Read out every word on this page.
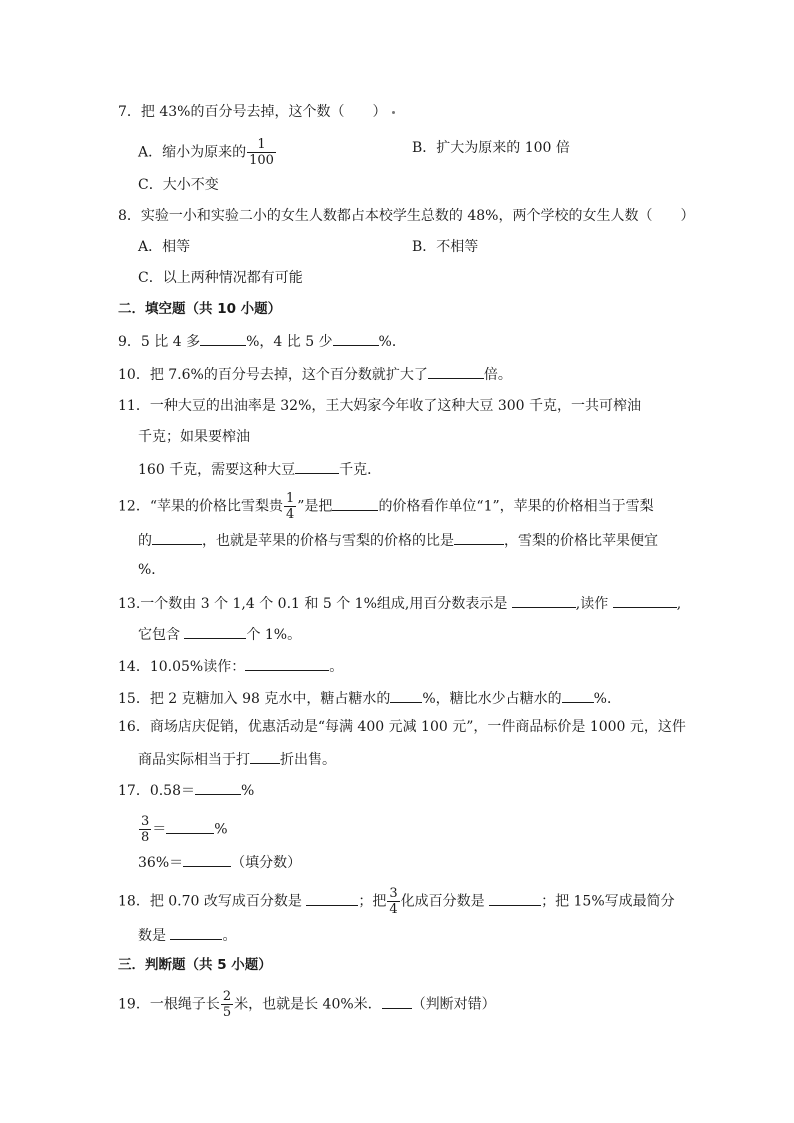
7．把 43%的百分号去掉，这个数（　　）
A．缩小为原来的 $\frac{1}{100}$	B．扩大为原来的 100 倍
C．大小不变
8．实验一小和实验二小的女生人数都占本校学生总数的 48%，两个学校的女生人数（　　）
A．相等	B．不相等
C．以上两种情况都有可能
二．填空题（共 10 小题）
9．5 比 4 多	%，4 比 5 少	%．
10．把 7.6%的百分号去掉，这个百分数就扩大了	倍。
11．一种大豆的出油率是 32%，王大妈家今年收了这种大豆 300 千克，一共可榨油
千克；如果要榨油
160 千克，需要这种大豆	千克．
12．“苹果的价格比雪梨贵 $\frac{1}{4}$ ”是把	的价格看作单位“1”，苹果的价格相当于雪梨
的	，也就是苹果的价格与雪梨的价格的比是	，雪梨的价格比苹果便宜
%．
13.一个数由 3 个 1,4 个 0.1 和 5 个 1%组成,用百分数表示是	,读作	,
它包含	个 1%。
14．10.05%读作：	。
15．把 2 克糖加入 98 克水中，糖占糖水的 %，糖比水少占糖水的 %．
16．商场店庆促销，优惠活动是“每满 400 元减 100 元”，一件商品标价是 1000 元，这件
商品实际相当于打 折出售。
17．0.58＝	%
$\frac{3}{8}$ ＝	%
36%＝	（填分数）
18．把 0.70 改写成百分数是	；把 $\frac{3}{4}$ 化成百分数是	；把 15%写成最简分
数是	。
三．判断题（共 5 小题）
19．一根绳子长 $\frac{2}{5}$ 米，也就是长 40%米． （判断对错）
